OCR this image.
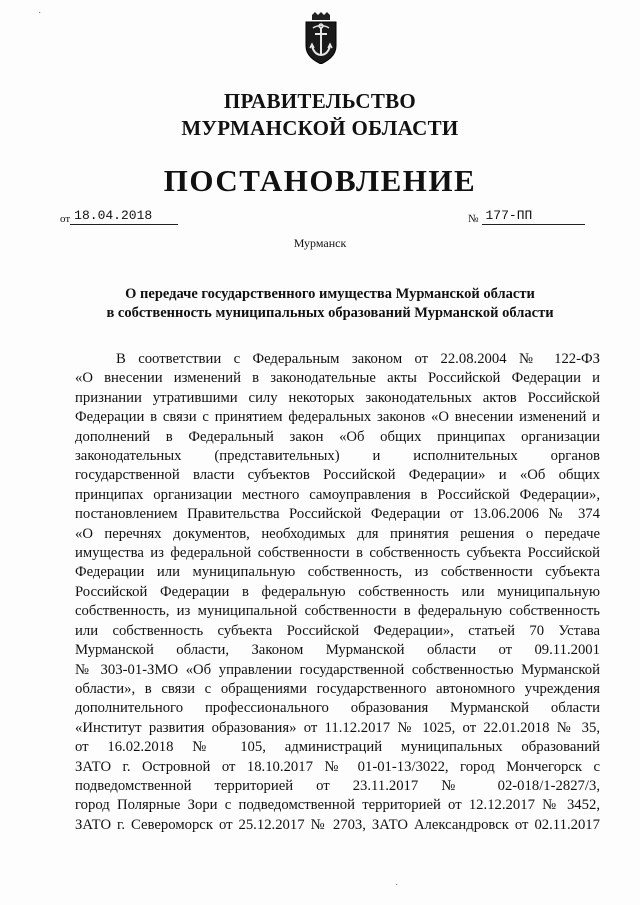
ПРАВИТЕЛЬСТВО
МУРМАНСКОЙ ОБЛАСТИ
ПОСТАНОВЛЕНИЕ
от 18.04.2018	№ 177-ПП
Мурманск
О передаче государственного имущества Мурманской области
в собственность муниципальных образований Мурманской области
В соответствии с Федеральным законом от 22.08.2004 № 122-ФЗ
«О внесении изменений в законодательные акты Российской Федерации и
признании утратившими силу некоторых законодательных актов Российской
Федерации в связи с принятием федеральных законов «О внесении изменений и
дополнений в Федеральный закон «Об общих принципах организации
законодательных (представительных) и исполнительных органов
государственной власти субъектов Российской Федерации» и «Об общих
принципах организации местного самоуправления в Российской Федерации»,
постановлением Правительства Российской Федерации от 13.06.2006 № 374
«О перечнях документов, необходимых для принятия решения о передаче
имущества из федеральной собственности в собственность субъекта Российской
Федерации или муниципальную собственность, из собственности субъекта
Российской Федерации в федеральную собственность или муниципальную
собственность, из муниципальной собственности в федеральную собственность
или собственность субъекта Российской Федерации», статьей 70 Устава
Мурманской области, Законом Мурманской области от 09.11.2001
№ 303-01-ЗМО «Об управлении государственной собственностью Мурманской
области», в связи с обращениями государственного автономного учреждения
дополнительного профессионального образования Мурманской области
«Институт развития образования» от 11.12.2017 № 1025, от 22.01.2018 № 35,
от 16.02.2018 № 105, администраций муниципальных образований
ЗАТО г. Островной от 18.10.2017 № 01-01-13/3022, город Мончегорск с
подведомственной территорией от 23.11.2017 № 02-018/1-2827/3,
город Полярные Зори с подведомственной территорией от 12.12.2017 № 3452,
ЗАТО г. Североморск от 25.12.2017 № 2703, ЗАТО Александровск от 02.11.2017
·
·
